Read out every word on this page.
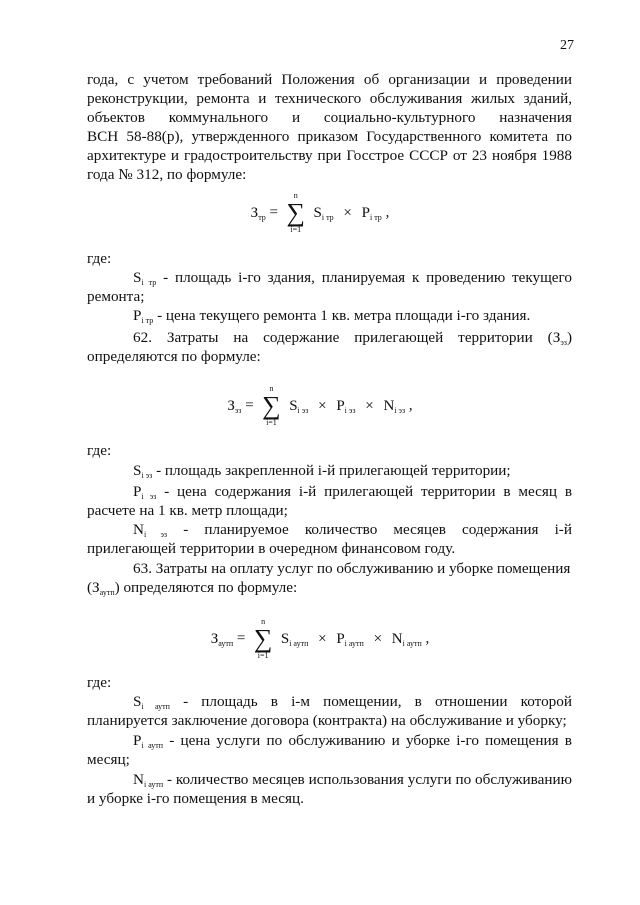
27
года, с учетом требований Положения об организации и проведении
реконструкции, ремонта и технического обслуживания жилых зданий,
объектов коммунального и социально-культурного назначения
ВСН 58-88(р), утвержденного приказом Государственного комитета по
архитектуре и градостроительству при Госстрое СССР от 23 ноября 1988
года № 312, по формуле:
$З_{тр}$ =
n
∑
i=1
$S_{i тр} \times P_{i тр}$ ,
где:
$S_{i тр}$ - площадь i-го здания, планируемая к проведению текущего
ремонта;
$P_{i тр}$ - цена текущего ремонта 1 кв. метра площади i-го здания.
62. Затраты на содержание прилегающей территории $(З_{эз})$
определяются по формуле:
$З_{эз}$ =
n
∑
i=1
$S_{i эз} \times P_{i эз} \times N_{i эз}$ ,
где:
$S_{i эз}$ - площадь закрепленной i-й прилегающей территории;
$P_{i эз}$ - цена содержания i-й прилегающей территории в месяц в
расчете на 1 кв. метр площади;
$N_{i эз}$ - планируемое количество месяцев содержания i-й
прилегающей территории в очередном финансовом году.
63. Затраты на оплату услуг по обслуживанию и уборке помещения
$(З_{аутп})$ определяются по формуле:
$З_{аутп}$ =
n
∑
i=1
$S_{i аутп} \times P_{i аутп} \times N_{i аутп}$ ,
где:
$S_{i аутп}$ - площадь в i-м помещении, в отношении которой
планируется заключение договора (контракта) на обслуживание и уборку;
$P_{i аутп}$ - цена услуги по обслуживанию и уборке i-го помещения в
месяц;
$N_{i аутп}$ - количество месяцев использования услуги по обслуживанию
и уборке i-го помещения в месяц.
